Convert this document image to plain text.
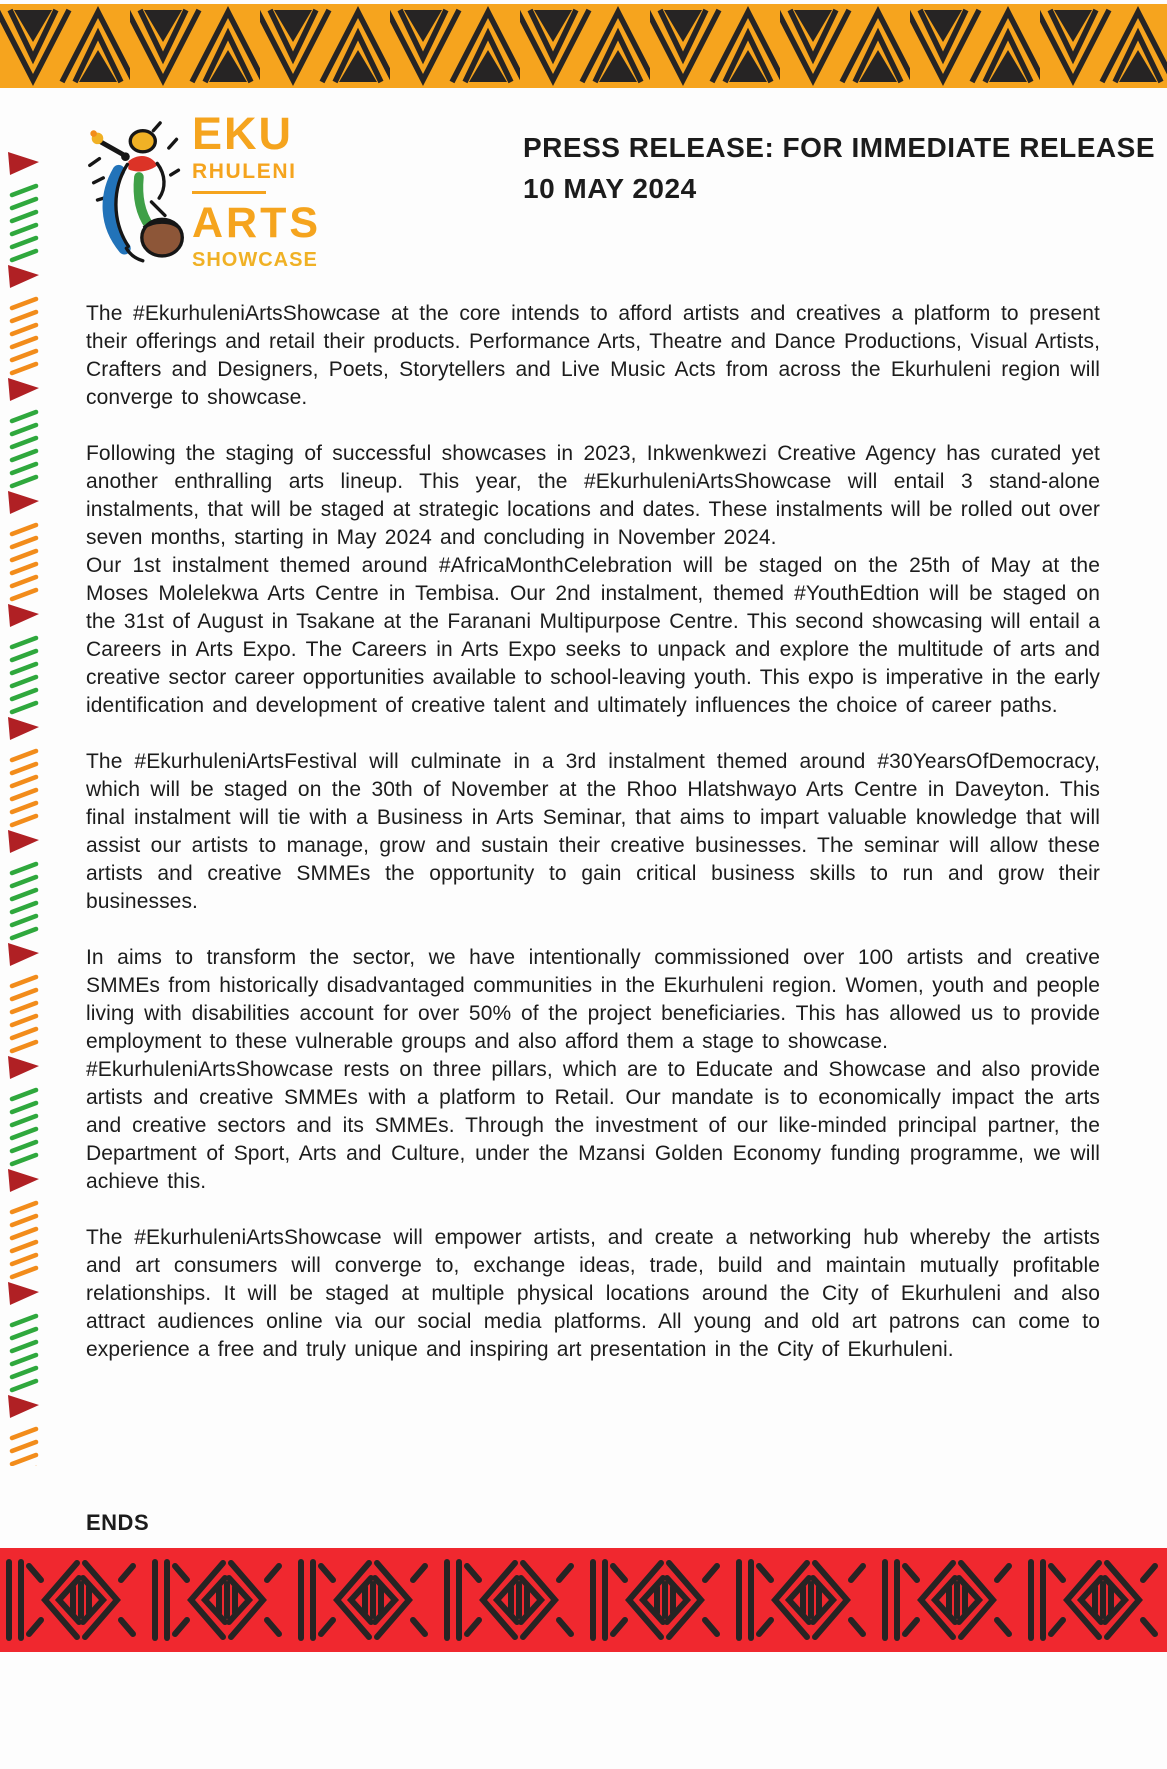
EKU
RHULENI
ARTS
SHOWCASE
PRESS RELEASE: FOR IMMEDIATE RELEASE
10 MAY 2024

The #EkurhuleniArtsShowcase at the core intends to afford artists and creatives a platform to present their offerings and retail their products. Performance Arts, Theatre and Dance Productions, Visual Artists, Crafters and Designers, Poets, Storytellers and Live Music Acts from across the Ekurhuleni region will converge to showcase.

Following the staging of successful showcases in 2023, Inkwenkwezi Creative Agency has curated yet another enthralling arts lineup. This year, the #EkurhuleniArtsShowcase will entail 3 stand-alone instalments, that will be staged at strategic locations and dates. These instalments will be rolled out over seven months, starting in May 2024 and concluding in November 2024.

Our 1st instalment themed around #AfricaMonthCelebration will be staged on the 25th of May at the Moses Molelekwa Arts Centre in Tembisa. Our 2nd instalment, themed #YouthEdtion will be staged on the 31st of August in Tsakane at the Faranani Multipurpose Centre. This second showcasing will entail a Careers in Arts Expo. The Careers in Arts Expo seeks to unpack and explore the multitude of arts and creative sector career opportunities available to school-leaving youth. This expo is imperative in the early identification and development of creative talent and ultimately influences the choice of career paths.

The #EkurhuleniArtsFestival will culminate in a 3rd instalment themed around #30YearsOfDemocracy, which will be staged on the 30th of November at the Rhoo Hlatshwayo Arts Centre in Daveyton. This final instalment will tie with a Business in Arts Seminar, that aims to impart valuable knowledge that will assist our artists to manage, grow and sustain their creative businesses. The seminar will allow these artists and creative SMMEs the opportunity to gain critical business skills to run and grow their businesses.

In aims to transform the sector, we have intentionally commissioned over 100 artists and creative SMMEs from historically disadvantaged communities in the Ekurhuleni region. Women, youth and people living with disabilities account for over 50% of the project beneficiaries. This has allowed us to provide employment to these vulnerable groups and also afford them a stage to showcase.

#EkurhuleniArtsShowcase rests on three pillars, which are to Educate and Showcase and also provide artists and creative SMMEs with a platform to Retail. Our mandate is to economically impact the arts and creative sectors and its SMMEs. Through the investment of our like-minded principal partner, the Department of Sport, Arts and Culture, under the Mzansi Golden Economy funding programme, we will achieve this.

The #EkurhuleniArtsShowcase will empower artists, and create a networking hub whereby the artists and art consumers will converge to, exchange ideas, trade, build and maintain mutually profitable relationships. It will be staged at multiple physical locations around the City of Ekurhuleni and also attract audiences online via our social media platforms. All young and old art patrons can come to experience a free and truly unique and inspiring art presentation in the City of Ekurhuleni.

ENDS
